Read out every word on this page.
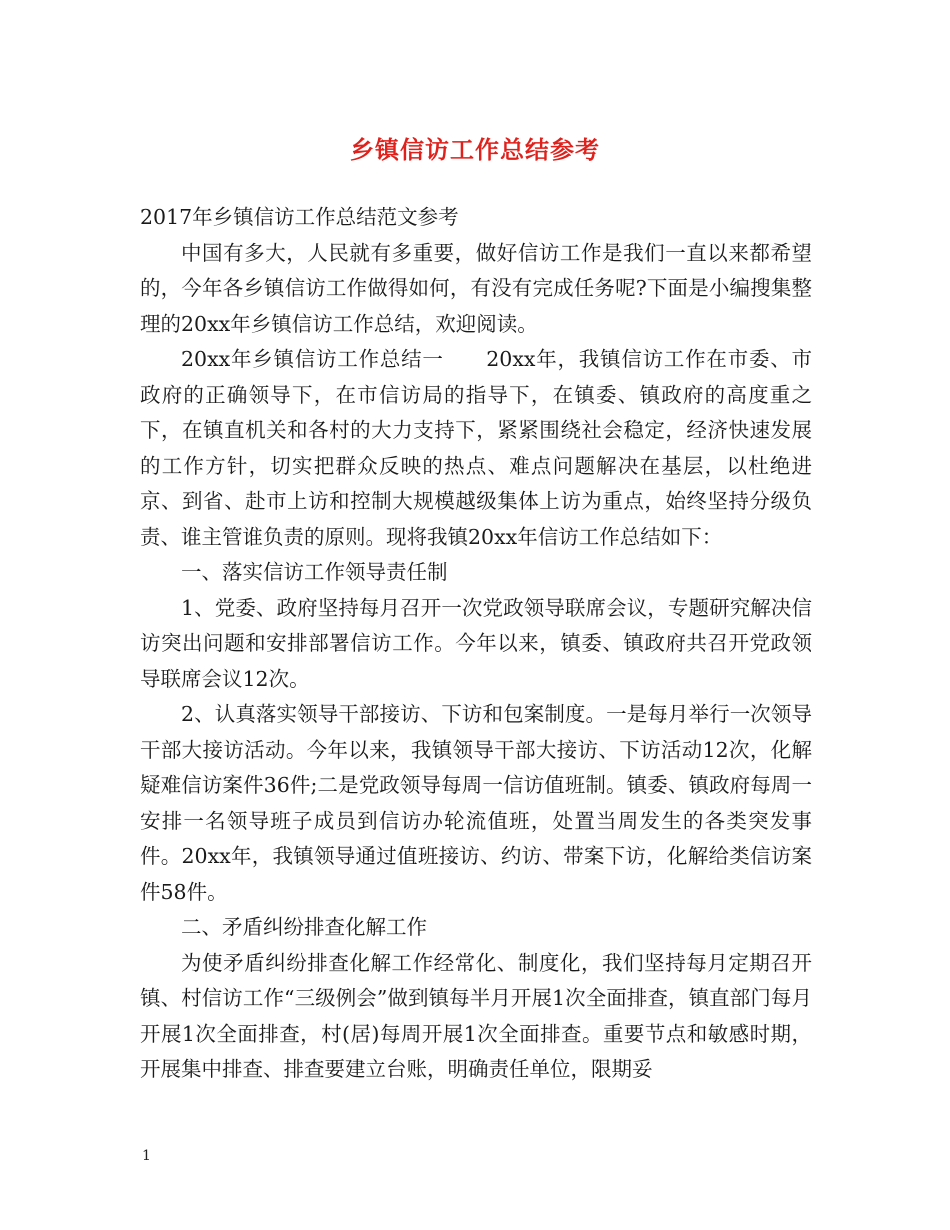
乡镇信访工作总结参考

2017年乡镇信访工作总结范文参考

中国有多大，人民就有多重要，做好信访工作是我们一直以来都希望的，今年各乡镇信访工作做得如何，有没有完成任务呢?下面是小编搜集整理的20xx年乡镇信访工作总结，欢迎阅读。

20xx年乡镇信访工作总结一　　20xx年，我镇信访工作在市委、市政府的正确领导下，在市信访局的指导下，在镇委、镇政府的高度重之下，在镇直机关和各村的大力支持下，紧紧围绕社会稳定，经济快速发展的工作方针，切实把群众反映的热点、难点问题解决在基层，以杜绝进京、到省、赴市上访和控制大规模越级集体上访为重点，始终坚持分级负责、谁主管谁负责的原则。现将我镇20xx年信访工作总结如下：

一、落实信访工作领导责任制

1、党委、政府坚持每月召开一次党政领导联席会议，专题研究解决信访突出问题和安排部署信访工作。今年以来，镇委、镇政府共召开党政领导联席会议12次。

2、认真落实领导干部接访、下访和包案制度。一是每月举行一次领导干部大接访活动。今年以来，我镇领导干部大接访、下访活动12次，化解疑难信访案件36件;二是党政领导每周一信访值班制。镇委、镇政府每周一安排一名领导班子成员到信访办轮流值班，处置当周发生的各类突发事件。20xx年，我镇领导通过值班接访、约访、带案下访，化解给类信访案件58件。

二、矛盾纠纷排查化解工作

为使矛盾纠纷排查化解工作经常化、制度化，我们坚持每月定期召开镇、村信访工作“三级例会”做到镇每半月开展1次全面排查，镇直部门每月开展1次全面排查，村(居)每周开展1次全面排查。重要节点和敏感时期，开展集中排查、排查要建立台账，明确责任单位，限期妥

1
